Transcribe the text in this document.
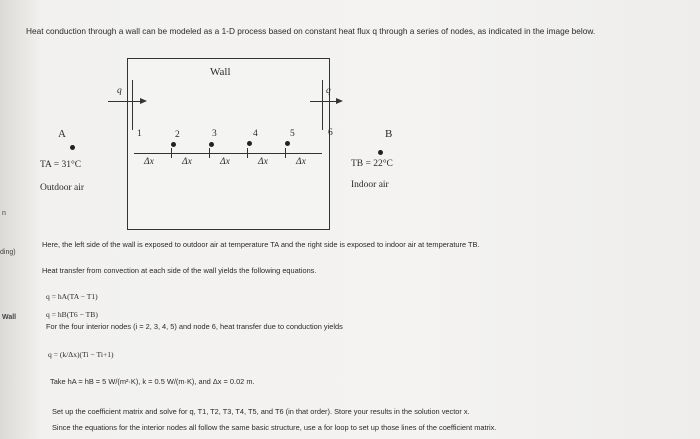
Heat conduction through a wall can be modeled as a 1-D process based on constant heat flux q through a series of nodes, as indicated in the image below.
n
ding)
Wall
Wall
q	q
A	B
1	2	3	4	5	6
Δx	Δx	Δx	Δx	Δx
TA = 31°C
Outdoor air
TB = 22°C
Indoor air
Here, the left side of the wall is exposed to outdoor air at temperature TA and the right side is exposed to indoor air at temperature TB.
Heat transfer from convection at each side of the wall yields the following equations.
q = hA(TA − T1)
q = hB(T6 − TB)
For the four interior nodes (i = 2, 3, 4, 5) and node 6, heat transfer due to conduction yields
q = (k/Δx)(Ti − Ti+1)
Take hA = hB = 5 W/(m²·K), k = 0.5 W/(m·K), and Δx = 0.02 m.
Set up the coefficient matrix and solve for q, T1, T2, T3, T4, T5, and T6 (in that order). Store your results in the solution vector x.
Since the equations for the interior nodes all follow the same basic structure, use a for loop to set up those lines of the coefficient matrix.
